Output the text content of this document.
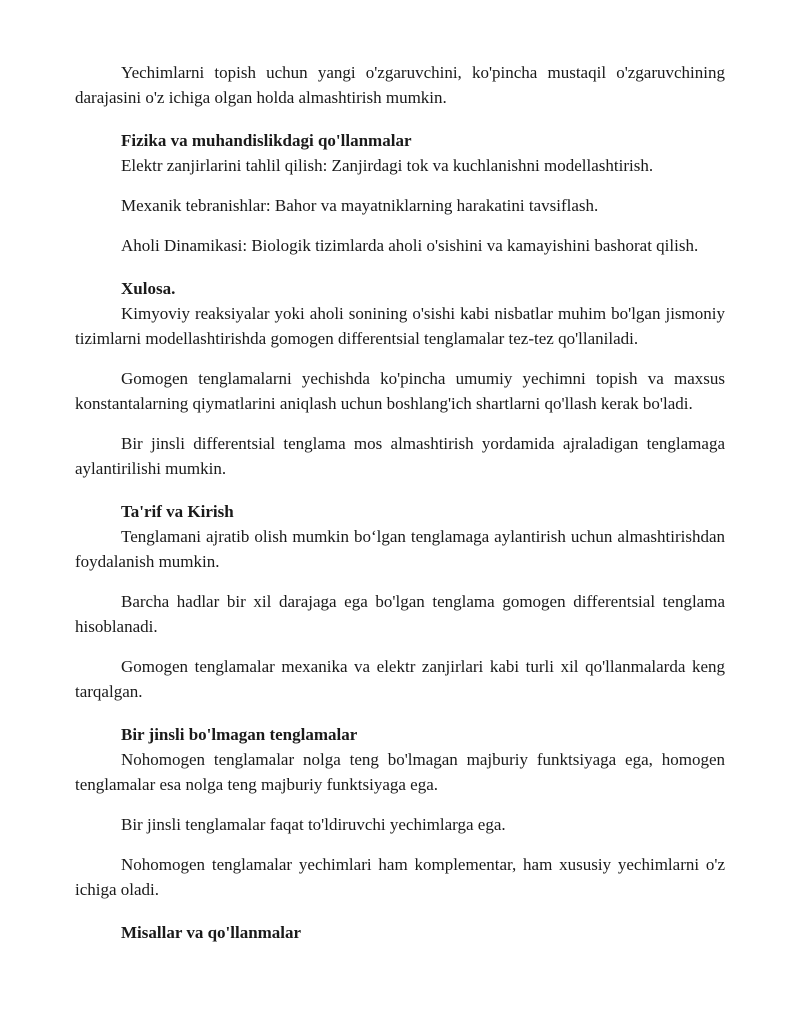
Yechimlarni topish uchun yangi o'zgaruvchini, ko'pincha mustaqil o'zgaruvchining darajasini o'z ichiga olgan holda almashtirish mumkin.

Fizika va muhandislikdagi qo'llanmalar

Elektr zanjirlarini tahlil qilish: Zanjirdagi tok va kuchlanishni modellashtirish.

Mexanik tebranishlar: Bahor va mayatniklarning harakatini tavsiflash.

Aholi Dinamikasi: Biologik tizimlarda aholi o'sishini va kamayishini bashorat qilish.

Xulosa.

Kimyoviy reaksiyalar yoki aholi sonining o'sishi kabi nisbatlar muhim bo'lgan jismoniy tizimlarni modellashtirishda gomogen differentsial tenglamalar tez-tez qo'llaniladi.

Gomogen tenglamalarni yechishda ko'pincha umumiy yechimni topish va maxsus konstantalarning qiymatlarini aniqlash uchun boshlang'ich shartlarni qo'llash kerak bo'ladi.

Bir jinsli differentsial tenglama mos almashtirish yordamida ajraladigan tenglamaga aylantirilishi mumkin.

Ta'rif va Kirish

Tenglamani ajratib olish mumkin bo‘lgan tenglamaga aylantirish uchun almashtirishdan foydalanish mumkin.

Barcha hadlar bir xil darajaga ega bo'lgan tenglama gomogen differentsial tenglama hisoblanadi.

Gomogen tenglamalar mexanika va elektr zanjirlari kabi turli xil qo'llanmalarda keng tarqalgan.

Bir jinsli bo'lmagan tenglamalar

Nohomogen tenglamalar nolga teng bo'lmagan majburiy funktsiyaga ega, homogen tenglamalar esa nolga teng majburiy funktsiyaga ega.

Bir jinsli tenglamalar faqat to'ldiruvchi yechimlarga ega.

Nohomogen tenglamalar yechimlari ham komplementar, ham xususiy yechimlarni o'z ichiga oladi.

Misallar va qo'llanmalar
